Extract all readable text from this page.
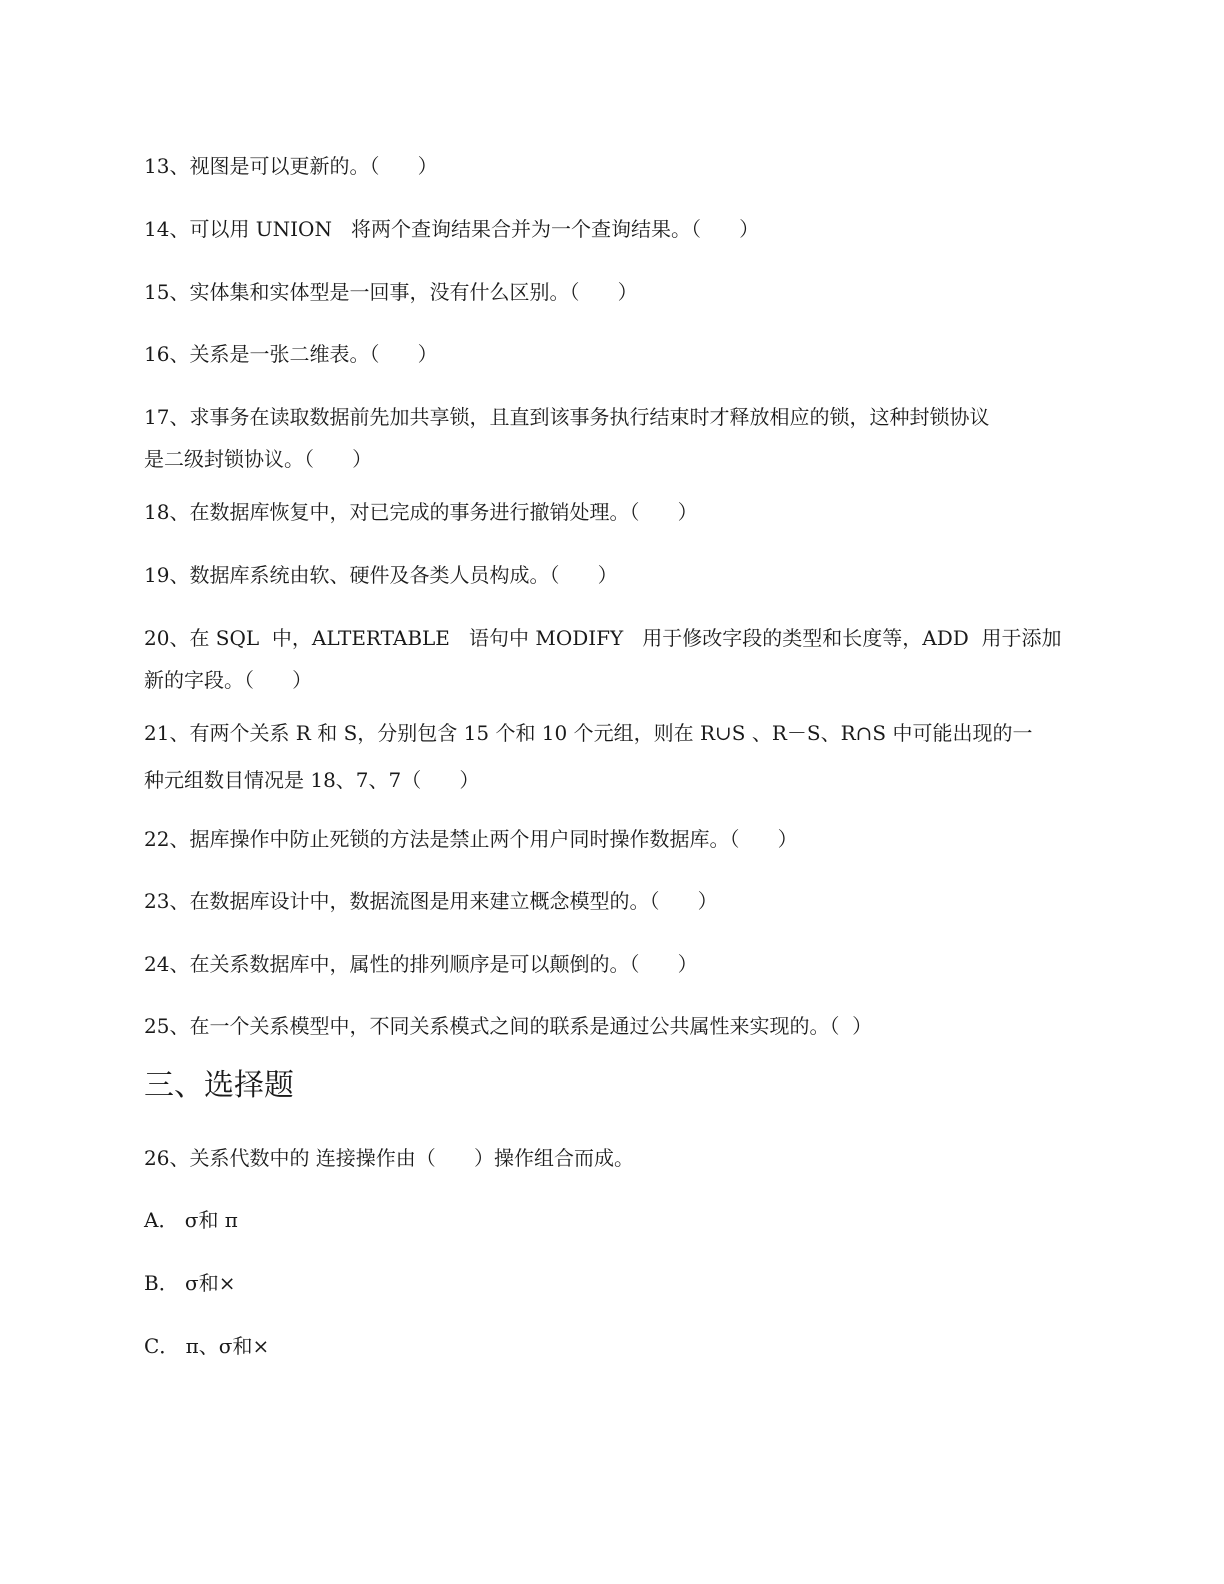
13、视图是可以更新的。（      ）
14、可以用 UNION   将两个查询结果合并为一个查询结果。（      ）
15、实体集和实体型是一回事，没有什么区别。（      ）
16、关系是一张二维表。（      ）
17、求事务在读取数据前先加共享锁，且直到该事务执行结束时才释放相应的锁，这种封锁协议
是二级封锁协议。（      ）
18、在数据库恢复中，对已完成的事务进行撤销处理。（      ）
19、数据库系统由软、硬件及各类人员构成。（      ）
20、在 SQL  中，ALTERTABLE   语句中 MODIFY   用于修改字段的类型和长度等，ADD  用于添加
新的字段。（      ）
21、有两个关系 R 和 S，分别包含 15 个和 10 个元组，则在 R∪S 、R－S、R∩S 中可能出现的一
种元组数目情况是 18、7、7（      ）
22、据库操作中防止死锁的方法是禁止两个用户同时操作数据库。（      ）
23、在数据库设计中，数据流图是用来建立概念模型的。（      ）
24、在关系数据库中，属性的排列顺序是可以颠倒的。（      ）
25、在一个关系模型中，不同关系模式之间的联系是通过公共属性来实现的。（  ）
三、选择题
26、关系代数中的 连接操作由（      ）操作组合而成。
A． σ和 π
B． σ和×
C． π、σ和×
